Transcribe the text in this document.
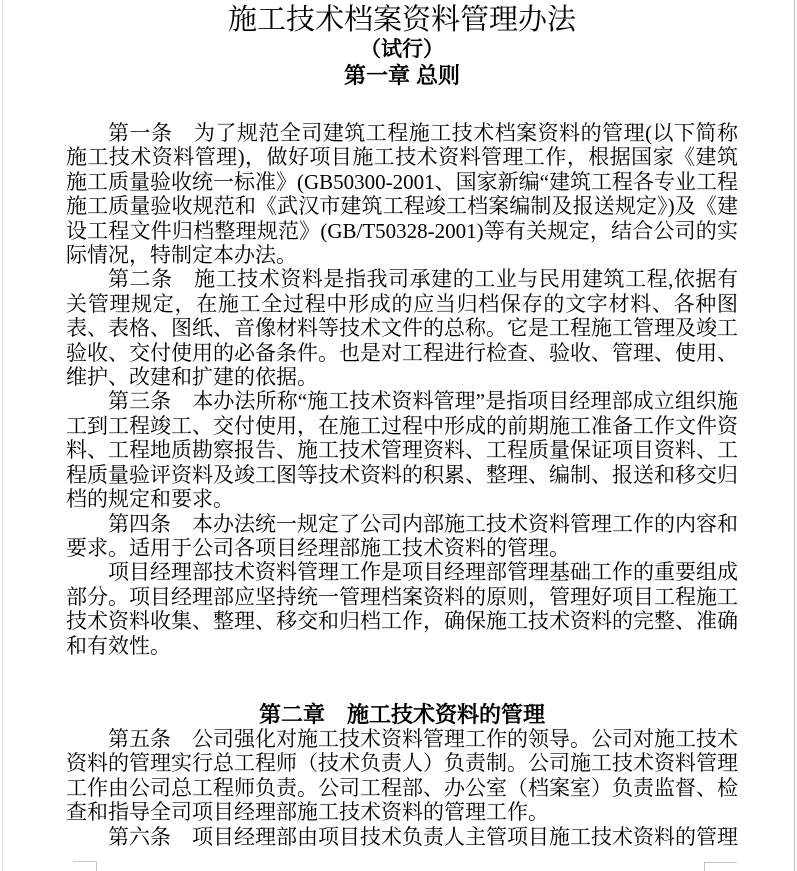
施工技术档案资料管理办法
（试行）
第一章 总则

第一条　为了规范全司建筑工程施工技术档案资料的管理(以下简称施工技术资料管理)，做好项目施工技术资料管理工作，根据国家《建筑施工质量验收统一标准》(GB50300-2001、国家新编“建筑工程各专业工程施工质量验收规范和《武汉市建筑工程竣工档案编制及报送规定》)及《建设工程文件归档整理规范》(GB/T50328-2001)等有关规定，结合公司的实际情况，特制定本办法。

第二条　施工技术资料是指我司承建的工业与民用建筑工程,依据有关管理规定，在施工全过程中形成的应当归档保存的文字材料、各种图表、表格、图纸、音像材料等技术文件的总称。它是工程施工管理及竣工验收、交付使用的必备条件。也是对工程进行检查、验收、管理、使用、维护、改建和扩建的依据。

第三条　本办法所称“施工技术资料管理”是指项目经理部成立组织施工到工程竣工、交付使用，在施工过程中形成的前期施工准备工作文件资料、工程地质勘察报告、施工技术管理资料、工程质量保证项目资料、工程质量验评资料及竣工图等技术资料的积累、整理、编制、报送和移交归档的规定和要求。

第四条　本办法统一规定了公司内部施工技术资料管理工作的内容和要求。适用于公司各项目经理部施工技术资料的管理。

项目经理部技术资料管理工作是项目经理部管理基础工作的重要组成部分。项目经理部应坚持统一管理档案资料的原则，管理好项目工程施工技术资料收集、整理、移交和归档工作，确保施工技术资料的完整、准确和有效性。

第二章　施工技术资料的管理

第五条　公司强化对施工技术资料管理工作的领导。公司对施工技术资料的管理实行总工程师（技术负责人）负责制。公司施工技术资料管理工作由公司总工程师负责。公司工程部、办公室（档案室）负责监督、检查和指导全司项目经理部施工技术资料的管理工作。

第六条　项目经理部由项目技术负责人主管项目施工技术资料的管理
